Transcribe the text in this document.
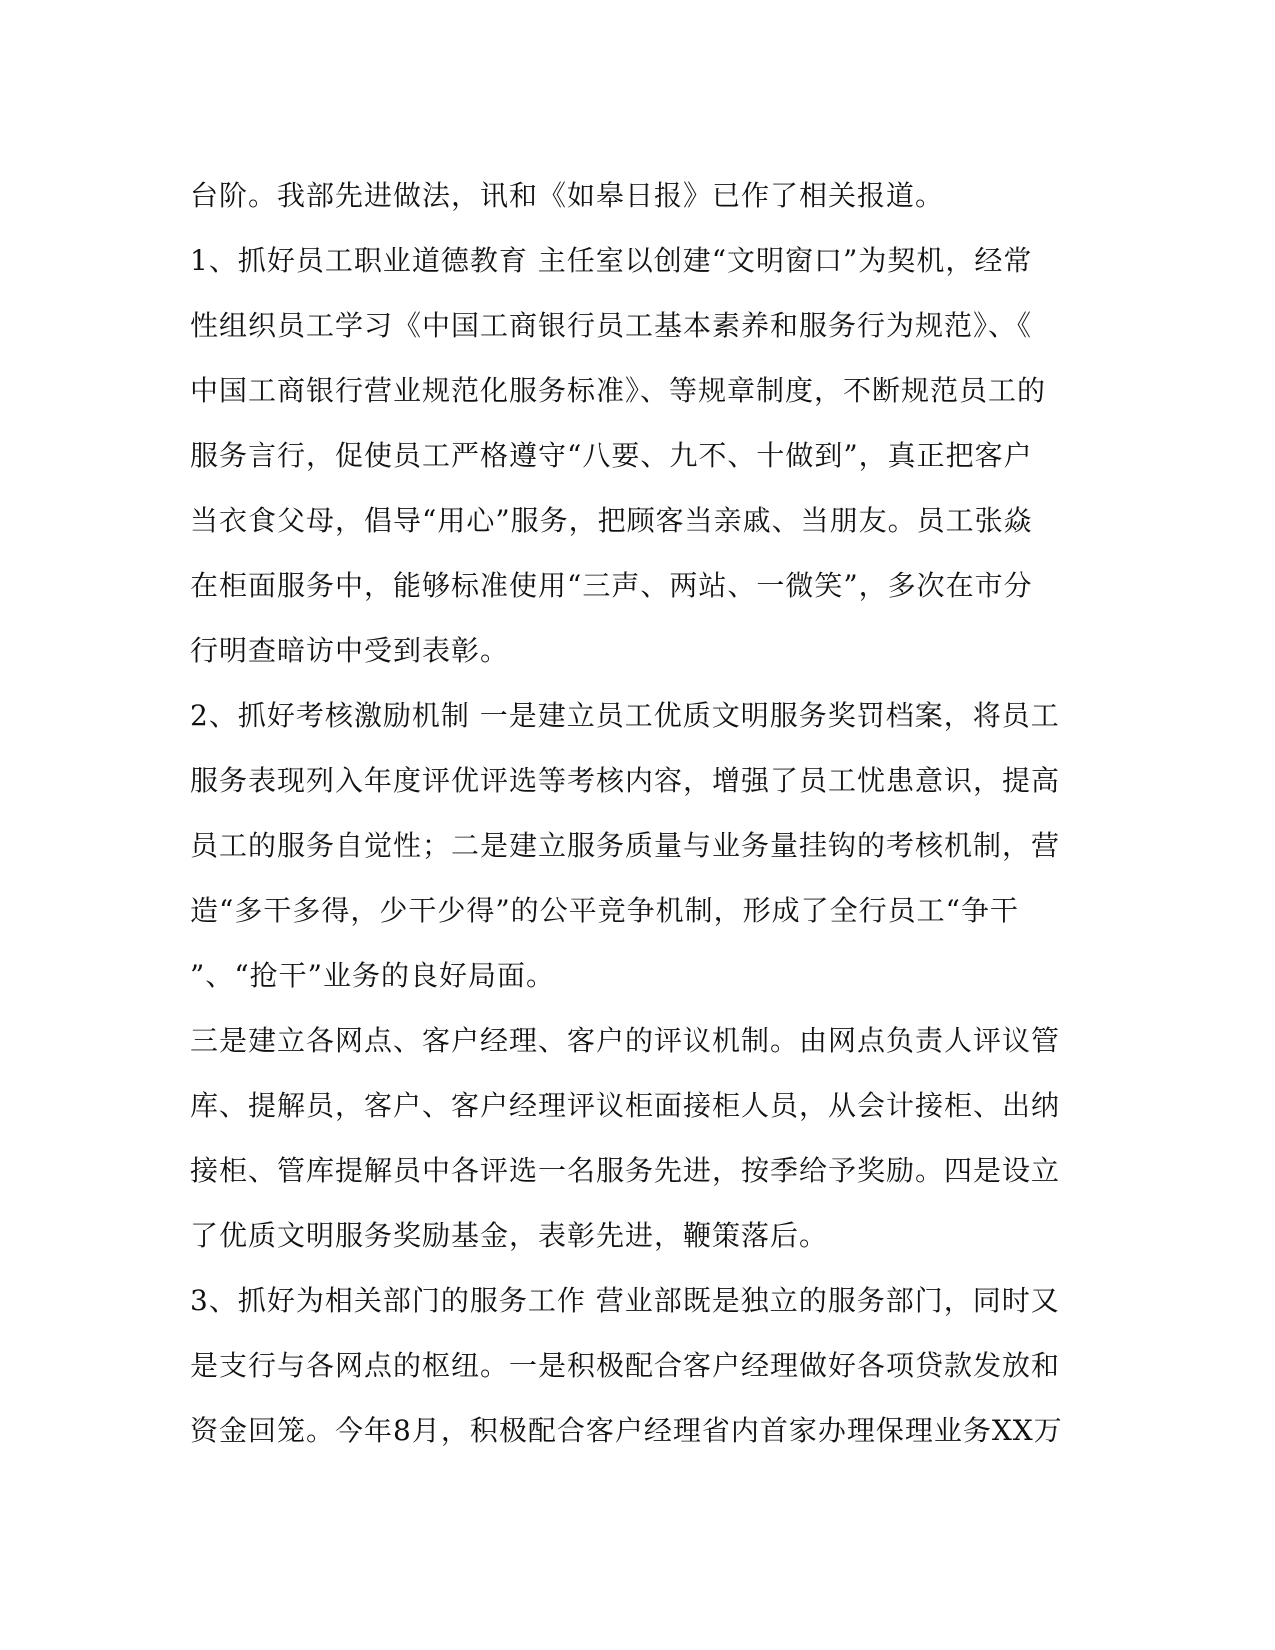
台阶。我部先进做法，讯和《如皋日报》已作了相关报道。
1、抓好员工职业道德教育 主任室以创建“文明窗口”为契机，经常
性组织员工学习《中国工商银行员工基本素养和服务行为规范》、《
中国工商银行营业规范化服务标准》、等规章制度，不断规范员工的
服务言行，促使员工严格遵守“八要、九不、十做到”，真正把客户
当衣食父母，倡导“用心”服务，把顾客当亲戚、当朋友。员工张焱
在柜面服务中，能够标准使用“三声、两站、一微笑”，多次在市分
行明查暗访中受到表彰。
2、抓好考核激励机制 一是建立员工优质文明服务奖罚档案，将员工
服务表现列入年度评优评选等考核内容，增强了员工忧患意识，提高
员工的服务自觉性；二是建立服务质量与业务量挂钩的考核机制，营
造“多干多得，少干少得”的公平竞争机制，形成了全行员工“争干
”、“抢干”业务的良好局面。
三是建立各网点、客户经理、客户的评议机制。由网点负责人评议管
库、提解员，客户、客户经理评议柜面接柜人员，从会计接柜、出纳
接柜、管库提解员中各评选一名服务先进，按季给予奖励。四是设立
了优质文明服务奖励基金，表彰先进，鞭策落后。
3、抓好为相关部门的服务工作 营业部既是独立的服务部门，同时又
是支行与各网点的枢纽。一是积极配合客户经理做好各项贷款发放和
资金回笼。今年8月，积极配合客户经理省内首家办理保理业务XX万
